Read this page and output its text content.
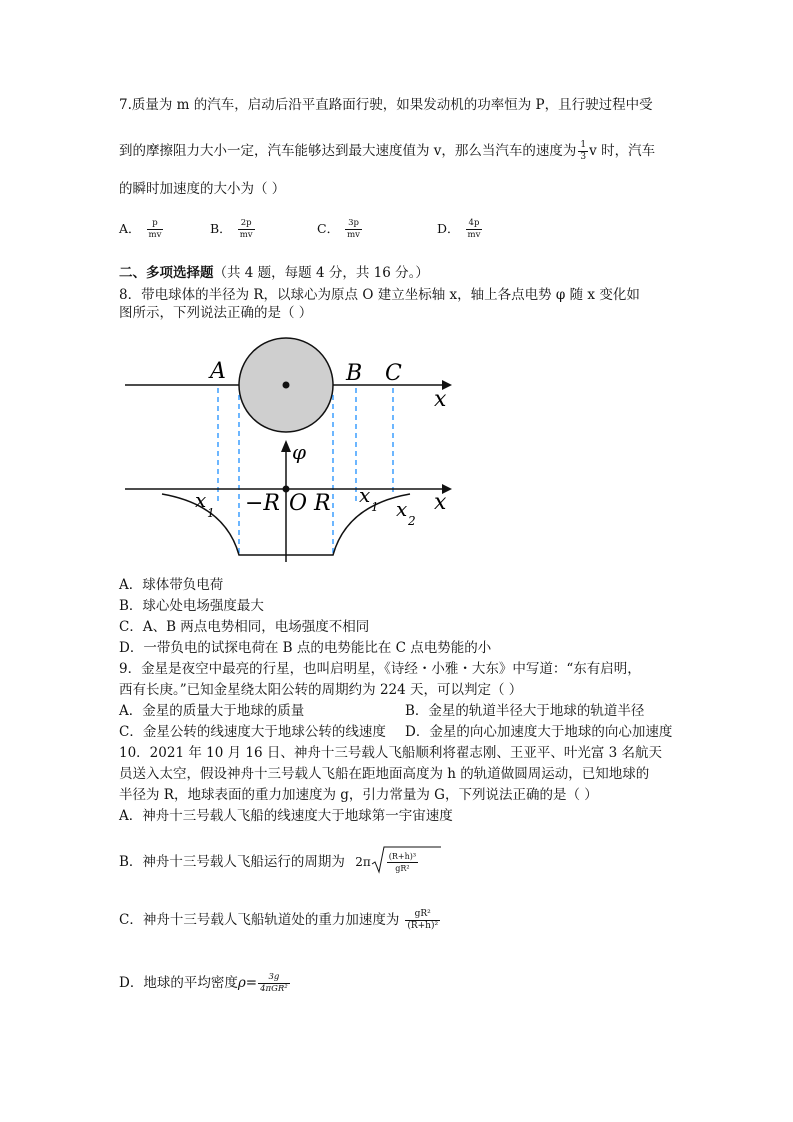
7.质量为 m 的汽车，启动后沿平直路面行驶，如果发动机的功率恒为 P，且行驶过程中受
到的摩擦阻力大小一定，汽车能够达到最大速度值为 v，那么当汽车的速度为 $\frac{1}{3}$ v 时，汽车
的瞬时加速度的大小为（ ）
A． $\frac{p}{mv}$	B． $\frac{2p}{mv}$	C． $\frac{3p}{mv}$	D． $\frac{4p}{mv}$
二、多项选择题（共 4 题，每题 4 分，共 16 分。）
8．带电球体的半径为 R，以球心为原点 O 建立坐标轴 x，轴上各点电势 φ 随 x 变化如
图所示，下列说法正确的是（ ）
A	B C
x
φ
x
1 −R O R x 1 x 2
x
A．球体带负电荷
B．球心处电场强度最大
C．A、B 两点电势相同，电场强度不相同
D．一带负电的试探电荷在 B 点的电势能比在 C 点电势能的小
9．金星是夜空中最亮的行星，也叫启明星，《诗经・小雅・大东》中写道：“东有启明，
西有长庚。”已知金星绕太阳公转的周期约为 224 天，可以判定（ ）
A．金星的质量大于地球的质量	B．金星的轨道半径大于地球的轨道半径
C．金星公转的线速度大于地球公转的线速度 D．金星的向心加速度大于地球的向心加速度
10．2021 年 10 月 16 日、神舟十三号载人飞船顺利将翟志刚、王亚平、叶光富 3 名航天
员送入太空，假设神舟十三号载人飞船在距地面高度为 h 的轨道做圆周运动，已知地球的
半径为 R，地球表面的重力加速度为 g，引力常量为 G，下列说法正确的是（ ）
A．神舟十三号载人飞船的线速度大于地球第一宇宙速度
B．神舟十三号载人飞船运行的周期为 $2\pi \frac{\text{(R+h)³}}{\text{gR²}}$
C．神舟十三号载人飞船轨道处的重力加速度为 $\frac{\text{gR²}}{\text{(R+h)²}}$
D．地球的平均密度$\rho= \frac{3g}{\text{4πGR²}}$
